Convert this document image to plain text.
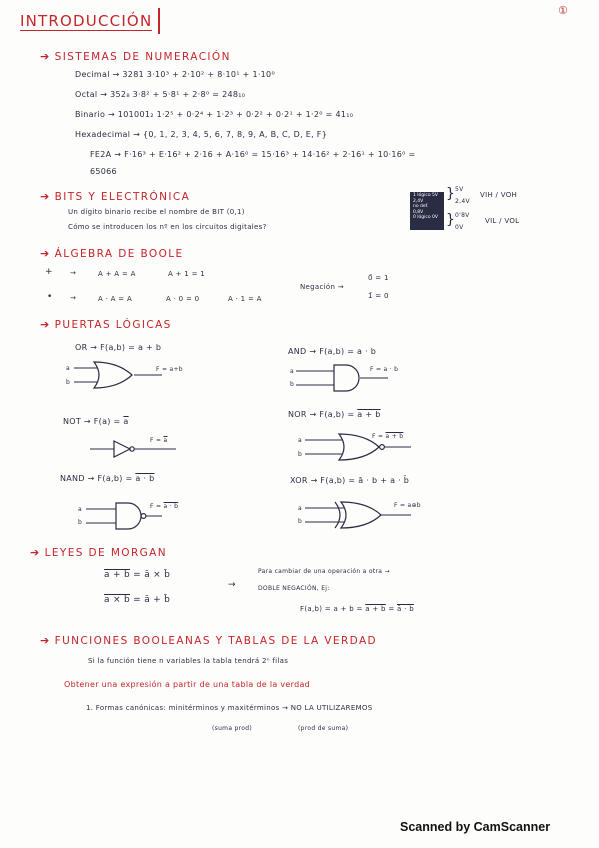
INTRODUCCIÓN
①
➔ SISTEMAS DE NUMERACIÓN
Decimal → 3281 3·10³ + 2·10² + 8·10¹ + 1·10⁰
Octal → 352₈ 3·8² + 5·8¹ + 2·8⁰ = 248₁₀
Binario → 101001₂ 1·2⁵ + 0·2⁴ + 1·2³ + 0·2² + 0·2¹ + 1·2⁰ = 41₁₀
Hexadecimal → {0, 1, 2, 3, 4, 5, 6, 7, 8, 9, A, B, C, D, E, F}
FE2A → F·16³ + E·16² + 2·16 + A·16⁰ = 15·16³ + 14·16² + 2·16¹ + 10·16⁰ =
65066
➔ BITS Y ELECTRÓNICA
Un dígito binario recibe el nombre de BIT (0,1)
Cómo se introducen los nº en los circuitos digitales?
1 lógico 5V
2,4V
no def.
0,8V
0 lógico 0V
} 5V
2,4V
VIH / VOH
} 0'8V
0V
VIL / VOL
➔ ÁLGEBRA DE BOOLE
+ →	A + A = A	A + 1 = 1
• →	A · A = A	A · 0 = 0	A · 1 = A
Negación →
0̄ = 1
1̄ = 0
➔ PUERTAS LÓGICAS
OR → F(a,b) = a + b
a
b
F = a+b
AND → F(a,b) = a · b
a
b
F = a · b
NOT → $F(a) = \overline{a}$
$F = \overline{a}$
NOR → F(a,b) = a + b
a
b
F = a + b
NAND → F(a,b) = a · b
a
b
F = a · b
XOR → F(a,b) = ā · b + a · b̄
a
b
F = a⊕b
➔ LEYES DE MORGAN
a + b = ā × b̄
a × b = ā + b̄
→
Para cambiar de una operación a otra →
DOBLE NEGACIÓN, Ej:
F(a,b) = a + b = a + b = ā · b̄
➔ FUNCIONES BOOLEANAS Y TABLAS DE LA VERDAD
Si la función tiene n variables la tabla tendrá 2ⁿ filas
Obtener una expresión a partir de una tabla de la verdad
1. Formas canónicas: minitérminos y maxitérminos → NO LA UTILIZAREMOS
(suma prod)	(prod de suma)
Scanned by CamScanner
